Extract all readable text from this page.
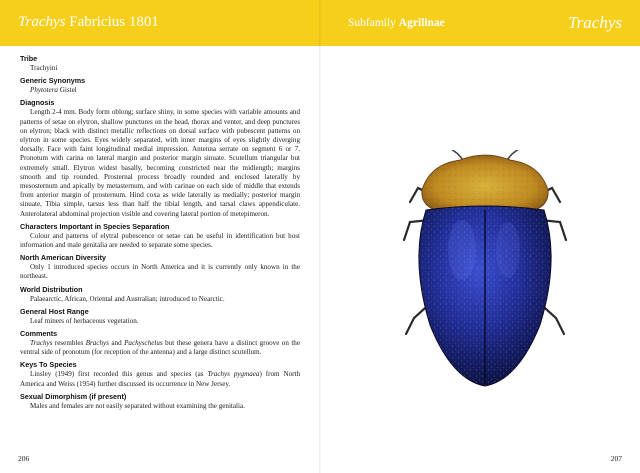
Trachys Fabricius 1801	Subfamily Agrilinae	Trachys
Tribe
Trachyini
Generic Synonyms
Phytotera Gistel
Diagnosis
Length 2-4 mm. Body form oblong; surface shiny, in some species with variable amounts and patterns of setae on elytron, shallow punctures on the head, thorax and venter, and deep punctures on elytron; black with distinct metallic reflections on dorsal surface with pubescent patterns on elytron in some species. Eyes widely separated, with inner margins of eyes slightly diverging dorsally. Face with faint longitudinal medial impression. Antenna serrate on segment 6 or 7. Pronotum with carina on lateral margin and posterior margin sinuate. Scutellum triangular but extremely small. Elytron widest basally, becoming constricted near the midlength; margins smooth and tip rounded. Prosternal process broadly rounded and enclosed laterally by mesosternum and apically by metasternum, and with carinae on each side of middle that extends from anterior margin of prosternum. Hind coxa as wide laterally as medially; posterior margin sinuate, Tibia simple, tarsus less than half the tibial length, and tarsal claws appendiculate. Anterolateral abdominal projection visible and covering lateral portion of metepimeron.
Characters Important in Species Separation
Colour and patterns of elytral pubescence or setae can be useful in identification but host information and male genitalia are needed to separate some species.
North American Diversity
Only 1 introduced species occurs in North America and it is currently only known in the northeast.
World Distribution
Palaearctic, African, Oriental and Australian; introduced to Nearctic.
General Host Range
Leaf miners of herbaceous vegetation.
Comments
Trachys resembles Brachys and Pachyschelus but these genera have a distinct groove on the ventral side of pronotum (for reception of the antenna) and a large distinct scutellum.
Keys To Species
Linsley (1949) first recorded this genus and species (as Trachys pygmaea) from North America and Weiss (1954) further discussed its occurrence in New Jersey.
Sexual Dimorphism (if present)
Males and females are not easily separated without examining the genitalia.
206	207
